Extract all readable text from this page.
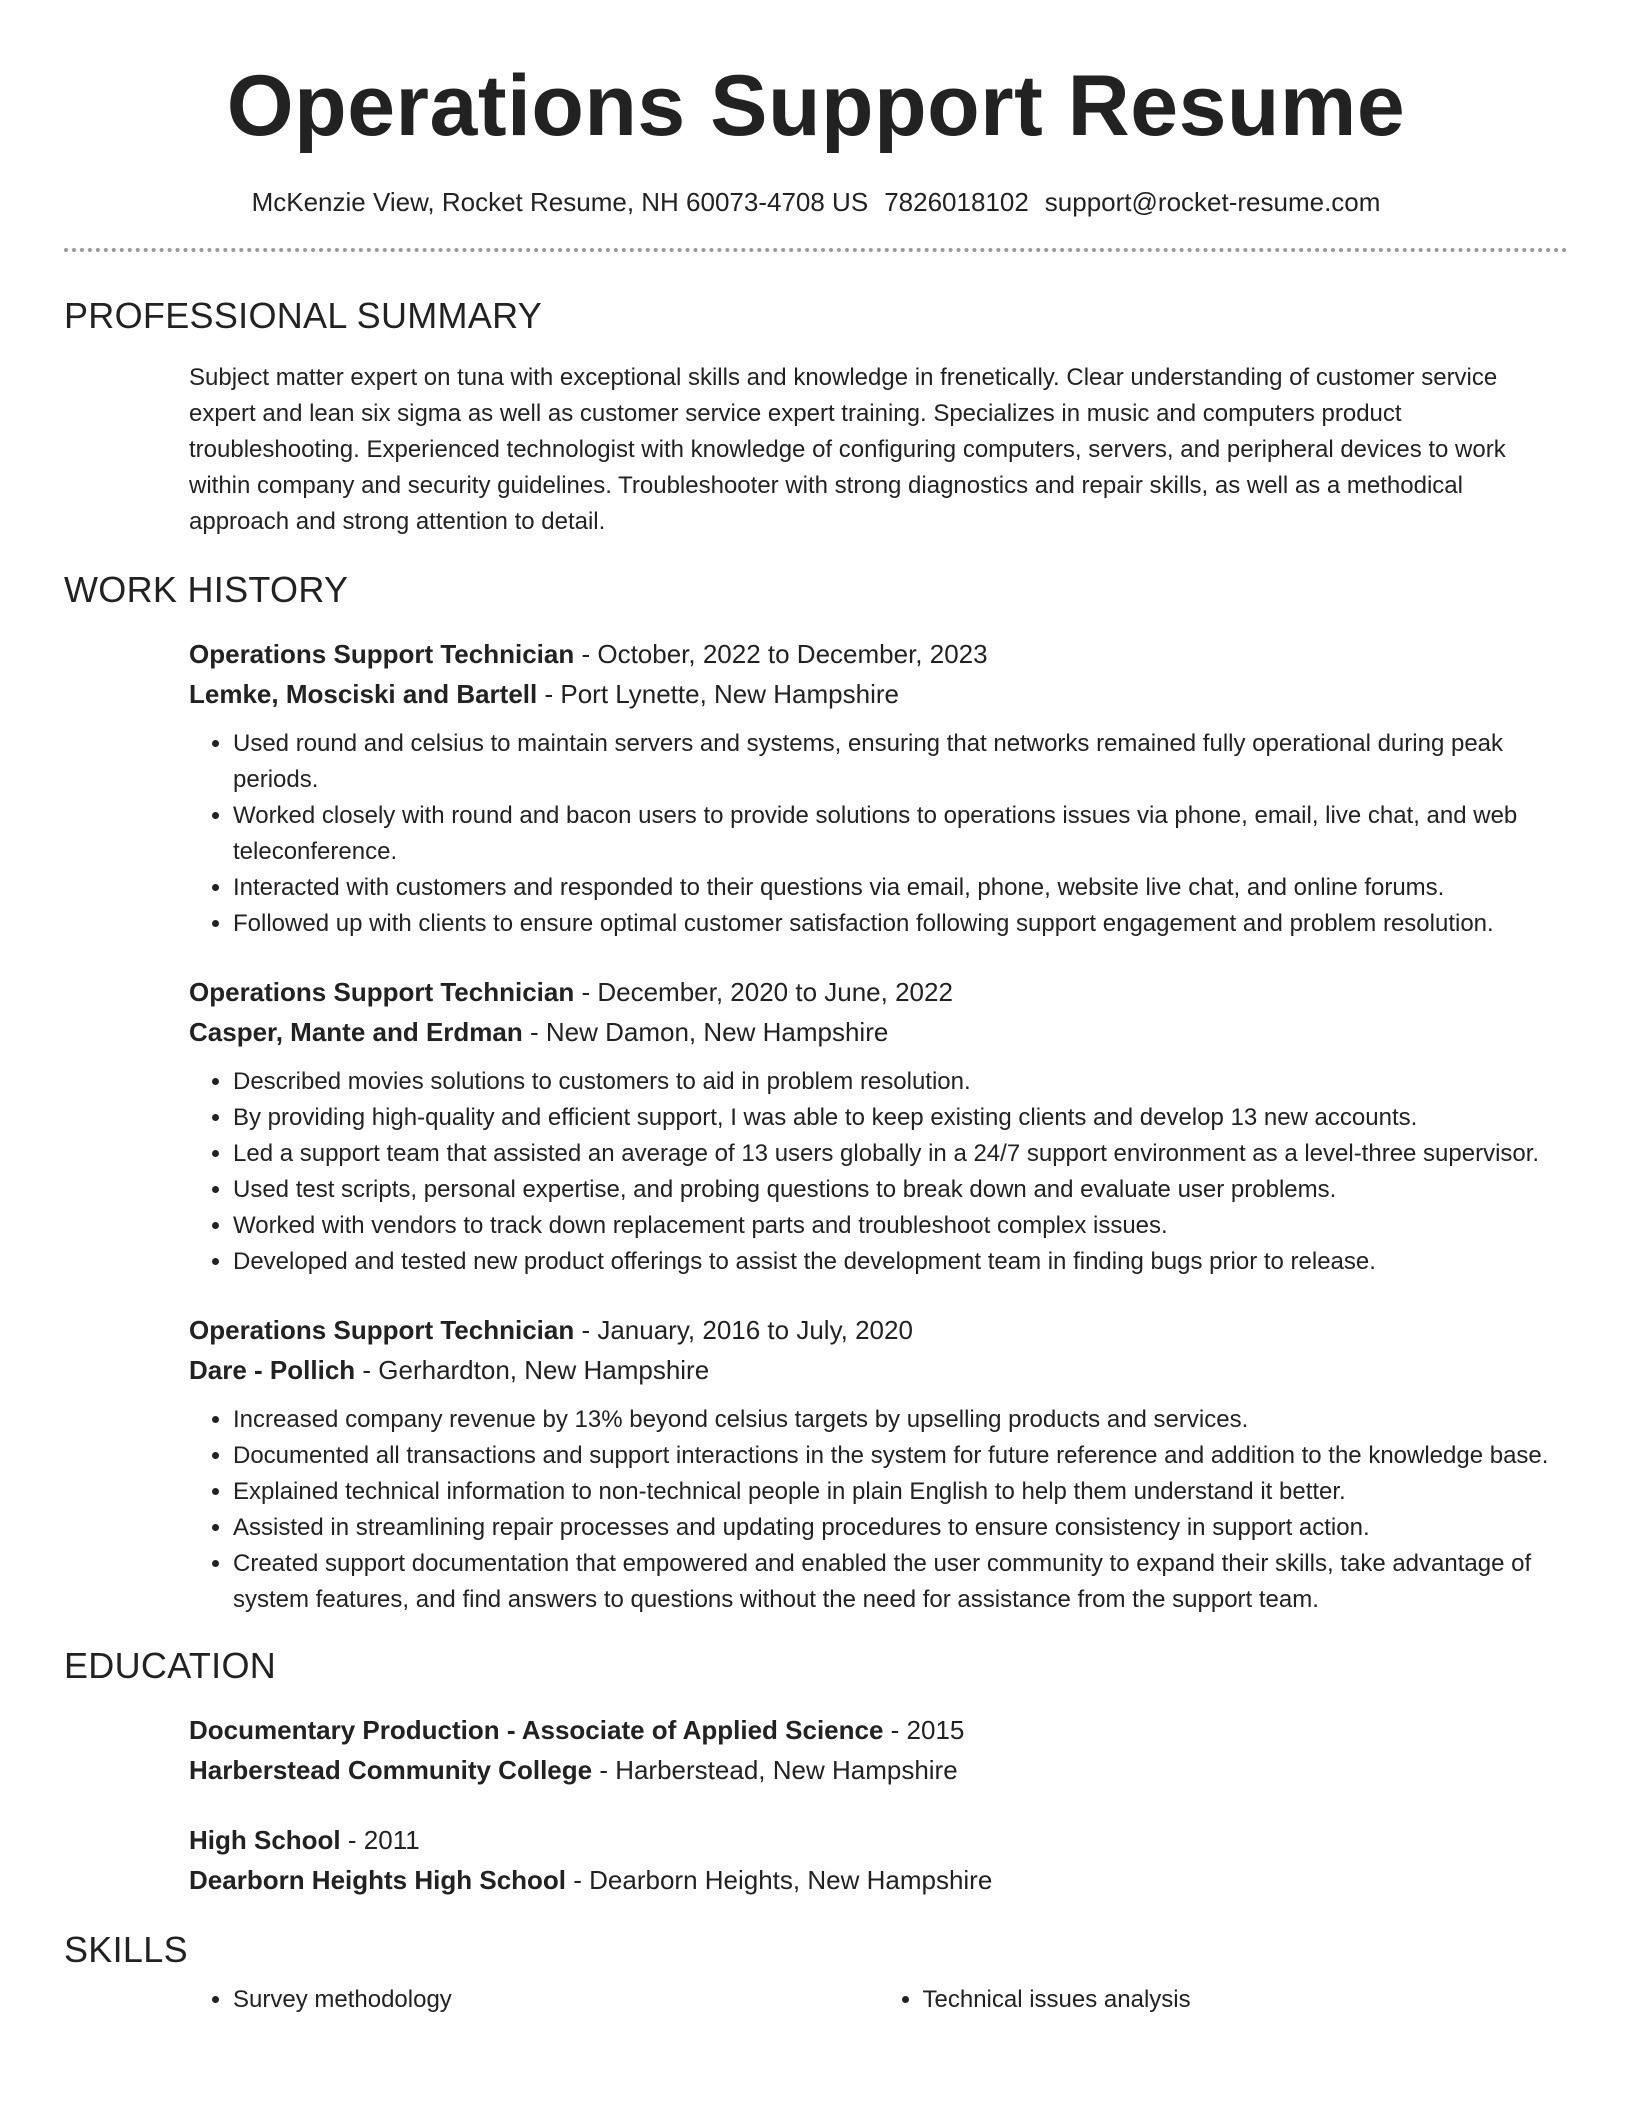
Operations Support Resume
McKenzie View, Rocket Resume, NH 60073-4708 US 7826018102 support@rocket-resume.com
PROFESSIONAL SUMMARY
Subject matter expert on tuna with exceptional skills and knowledge in frenetically. Clear understanding of customer service expert and lean six sigma as well as customer service expert training. Specializes in music and computers product troubleshooting. Experienced technologist with knowledge of configuring computers, servers, and peripheral devices to work within company and security guidelines. Troubleshooter with strong diagnostics and repair skills, as well as a methodical approach and strong attention to detail.
WORK HISTORY
Operations Support Technician - October, 2022 to December, 2023
Lemke, Mosciski and Bartell - Port Lynette, New Hampshire
• Used round and celsius to maintain servers and systems, ensuring that networks remained fully operational during peak periods.
• Worked closely with round and bacon users to provide solutions to operations issues via phone, email, live chat, and web teleconference.
• Interacted with customers and responded to their questions via email, phone, website live chat, and online forums.
• Followed up with clients to ensure optimal customer satisfaction following support engagement and problem resolution.
Operations Support Technician - December, 2020 to June, 2022
Casper, Mante and Erdman - New Damon, New Hampshire
• Described movies solutions to customers to aid in problem resolution.
• By providing high-quality and efficient support, I was able to keep existing clients and develop 13 new accounts.
• Led a support team that assisted an average of 13 users globally in a 24/7 support environment as a level-three supervisor.
• Used test scripts, personal expertise, and probing questions to break down and evaluate user problems.
• Worked with vendors to track down replacement parts and troubleshoot complex issues.
• Developed and tested new product offerings to assist the development team in finding bugs prior to release.
Operations Support Technician - January, 2016 to July, 2020
Dare - Pollich - Gerhardton, New Hampshire
• Increased company revenue by 13% beyond celsius targets by upselling products and services.
• Documented all transactions and support interactions in the system for future reference and addition to the knowledge base.
• Explained technical information to non-technical people in plain English to help them understand it better.
• Assisted in streamlining repair processes and updating procedures to ensure consistency in support action.
• Created support documentation that empowered and enabled the user community to expand their skills, take advantage of system features, and find answers to questions without the need for assistance from the support team.
EDUCATION
Documentary Production - Associate of Applied Science - 2015
Harberstead Community College - Harberstead, New Hampshire
High School - 2011
Dearborn Heights High School - Dearborn Heights, New Hampshire
SKILLS
• Survey methodology
•	Technical issues analysis
